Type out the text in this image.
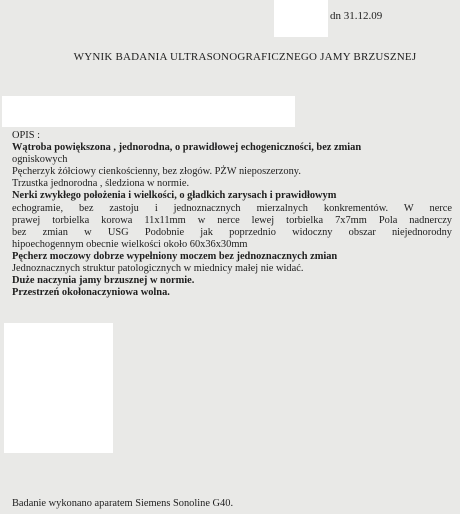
dn 31.12.09
WYNIK BADANIA ULTRASONOGRAFICZNEGO JAMY BRZUSZNEJ
OPIS :
Wątroba powiększona , jednorodna, o prawidłowej echogeniczności, bez zmian
ogniskowych
Pęcherzyk żółciowy cienkościenny, bez złogów. PŻW nieposzerzony.
Trzustka jednorodna , śledziona w normie.
Nerki zwykłego położenia i wielkości, o gładkich zarysach i prawidłowym
echogramie, bez zastoju i jednoznacznych mierzalnych konkrementów. W nerce
prawej torbielka korowa 11x11mm w nerce lewej torbielka 7x7mm Pola nadnerczy
bez zmian w USG Podobnie jak poprzednio widoczny obszar niejednorodny
hipoechogennym obecnie wielkości około 60x36x30mm
Pęcherz moczowy dobrze wypełniony moczem bez jednoznacznych zmian
Jednoznacznych struktur patologicznych w miednicy małej nie widać.
Duże naczynia jamy brzusznej w normie.
Przestrzeń okołonaczyniowa wolna.
Badanie wykonano aparatem Siemens Sonoline G40.
